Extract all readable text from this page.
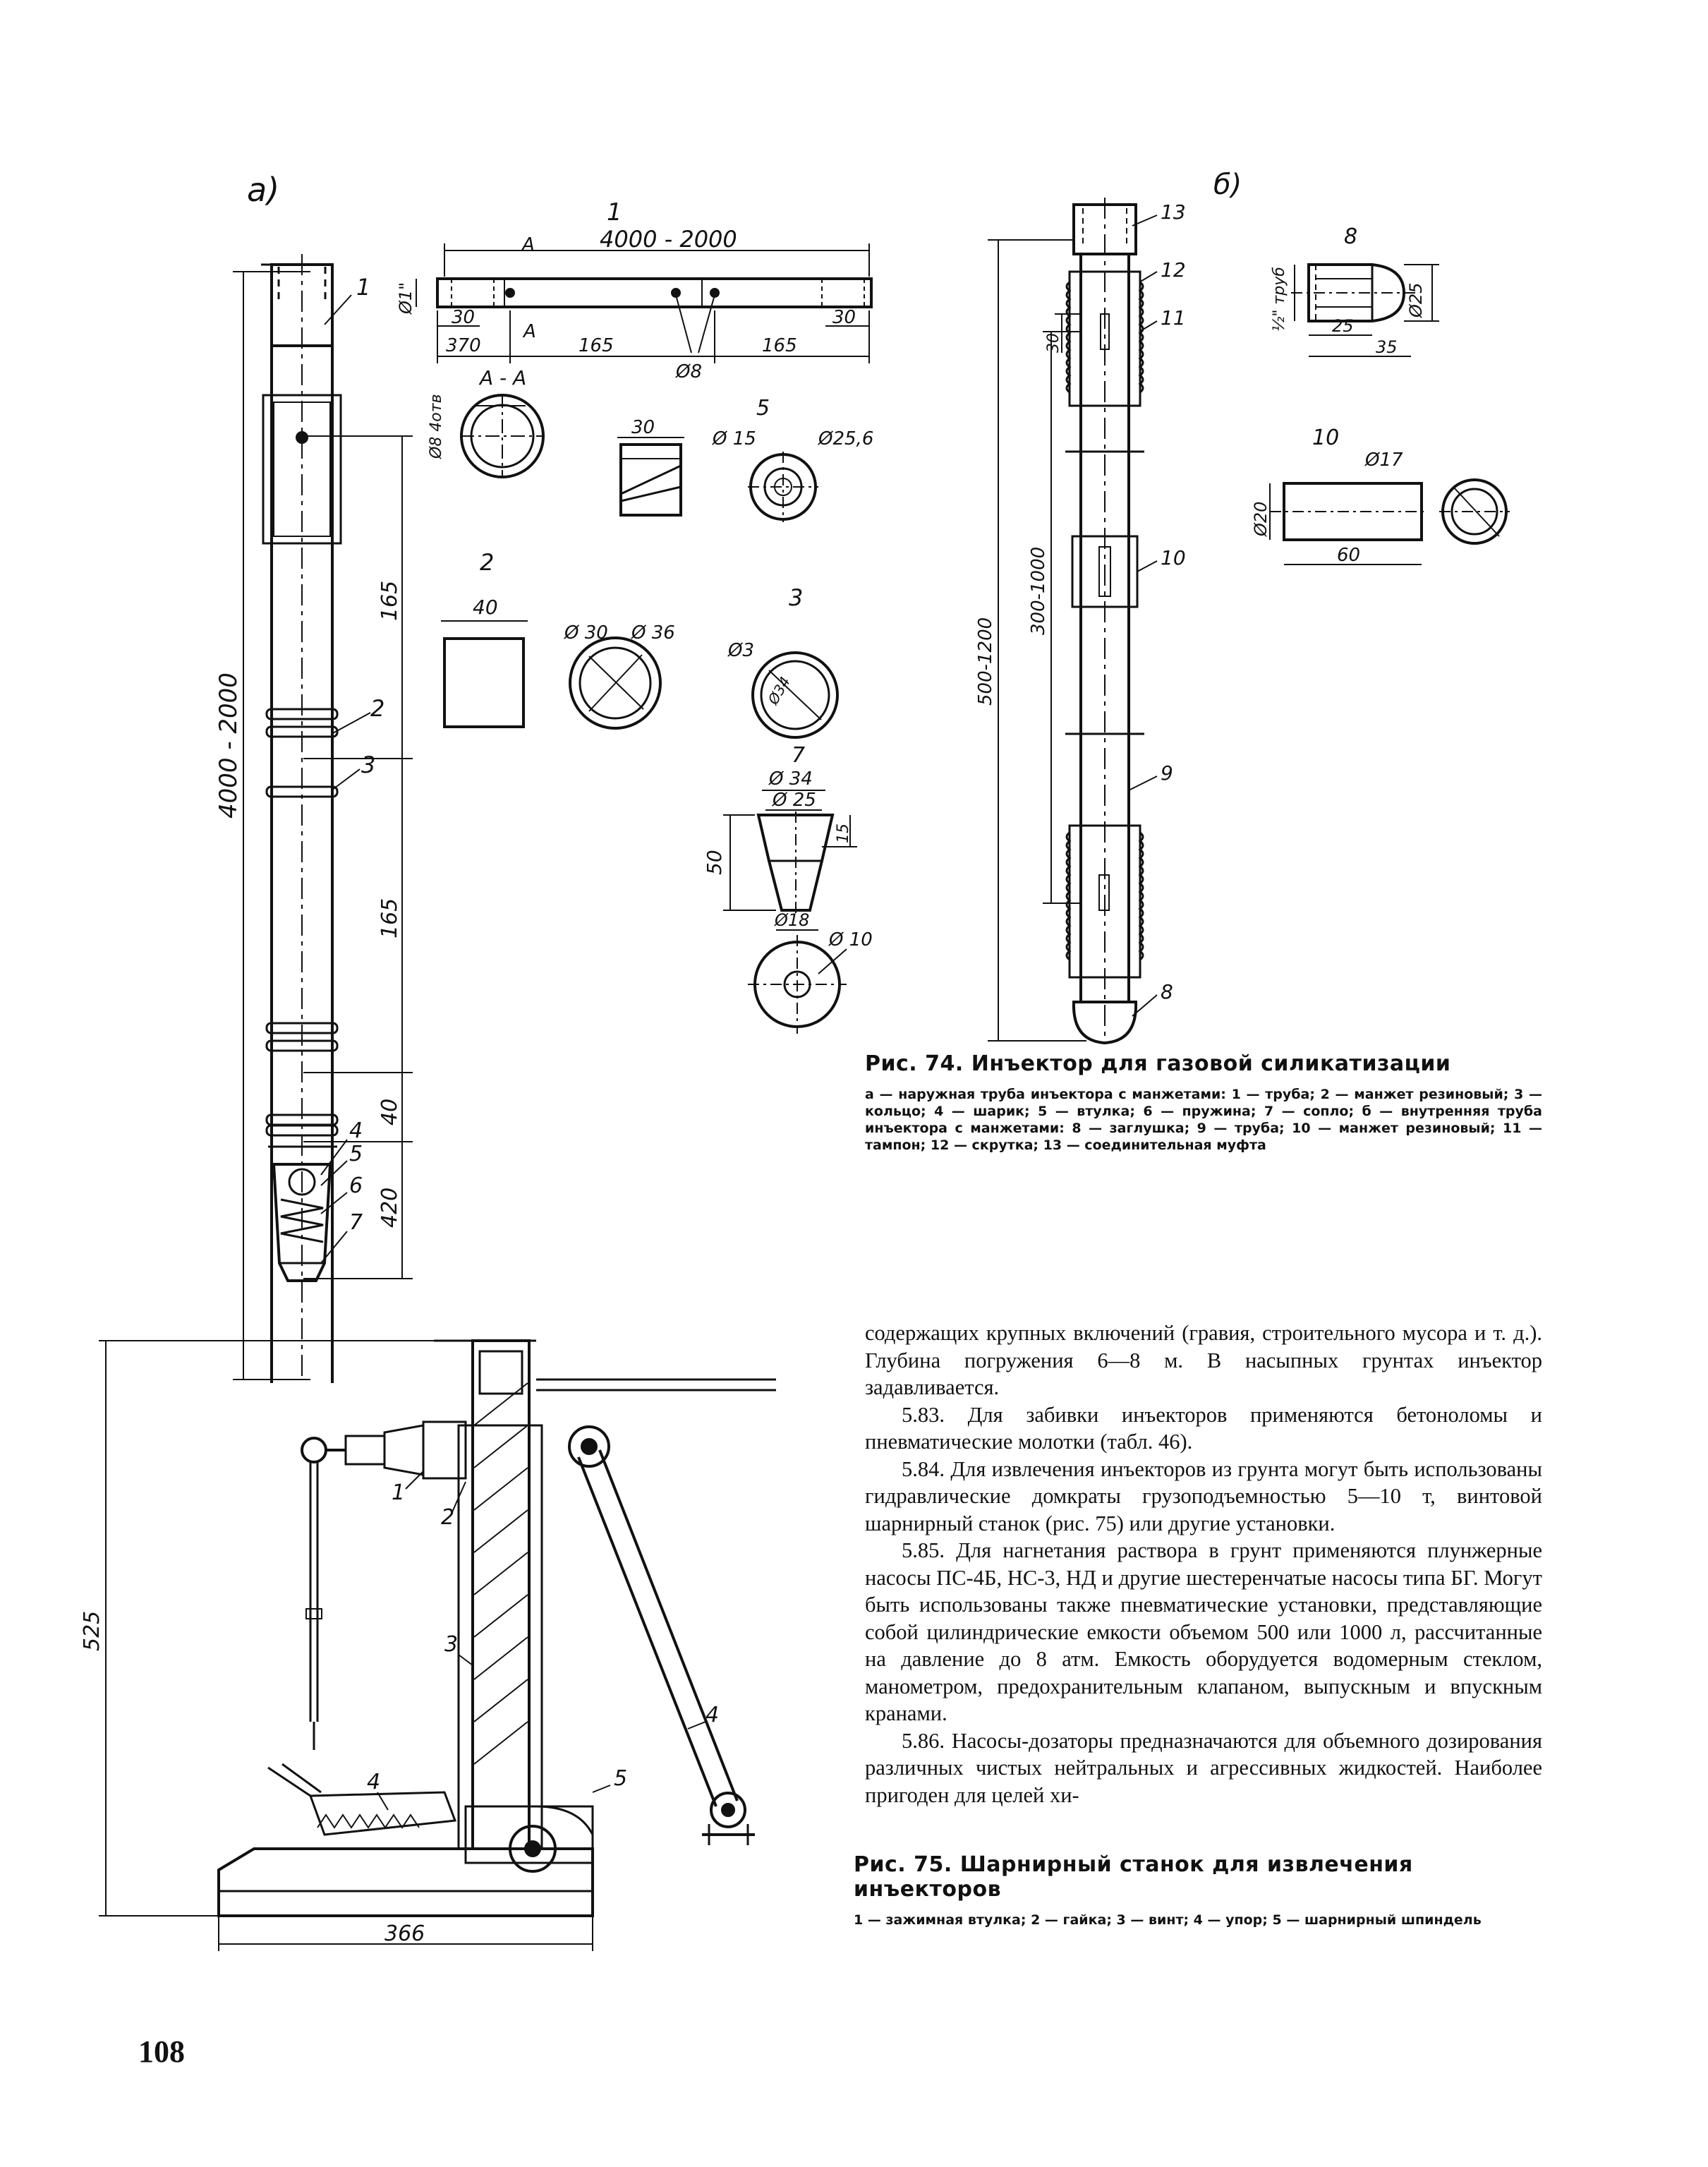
a)	б)
1
2
3
4
5
6
7
4000 - 2000
165
165
40
420
1
4000 - 2000
A
A
Ø1"
30	30
370	165	165
Ø8
A - A
Ø8 4отв	5
Ø 15	Ø25,6
30
2
40
Ø 30 Ø 36
3
Ø3
Ø34
7
Ø 34
Ø 25
50
15
Ø18
Ø 10
13
12
11
10
9
8
30
300-1000
500-1200
8
Ø25
½" труб	25
35
10
Ø17
Ø20
60
Рис. 74. Инъектор для газовой силикатизации
а — наружная труба инъектора с манжетами: 1 — труба; 2 — манжет резиновый; 3 — кольцо; 4 — шарик; 5 — втулка; 6 — пружина; 7 — сопло; б — внутренняя труба инъектора с манжетами: 8 — заглушка; 9 — труба; 10 — манжет резиновый; 11 — тампон; 12 — скрутка; 13 — соединительная муфта
525
366
1
2
3
4
4
5

содержащих крупных включений (гравия, строительного мусора и т. д.). Глубина погружения 6—8 м. В насыпных грунтах инъектор задавливается.

5.83. Для забивки инъекторов применяются бетоноломы и пневматические молотки (табл. 46).

5.84. Для извлечения инъекторов из грунта могут быть использованы гидравлические домкраты грузоподъемностью 5—10 т, винтовой шарнирный станок (рис. 75) или другие установки.

5.85. Для нагнетания раствора в грунт применяются плунжерные насосы ПС-4Б, НС-3, НД и другие шестеренчатые насосы типа БГ. Могут быть использованы также пневматические установки, представляющие собой цилиндрические емкости объемом 500 или 1000 л, рассчитанные на давление до 8 атм. Емкость оборудуется водомерным стеклом, манометром, предохранительным клапаном, выпускным и впускным кранами.

5.86. Насосы-дозаторы предназначаются для объемного дозирования различных чистых нейтральных и агрессивных жидкостей. Наиболее пригоден для целей хи-

Рис. 75. Шарнирный станок для извлечения инъекторов
1 — зажимная втулка; 2 — гайка; 3 — винт; 4 — упор; 5 — шарнирный шпиндель
108
